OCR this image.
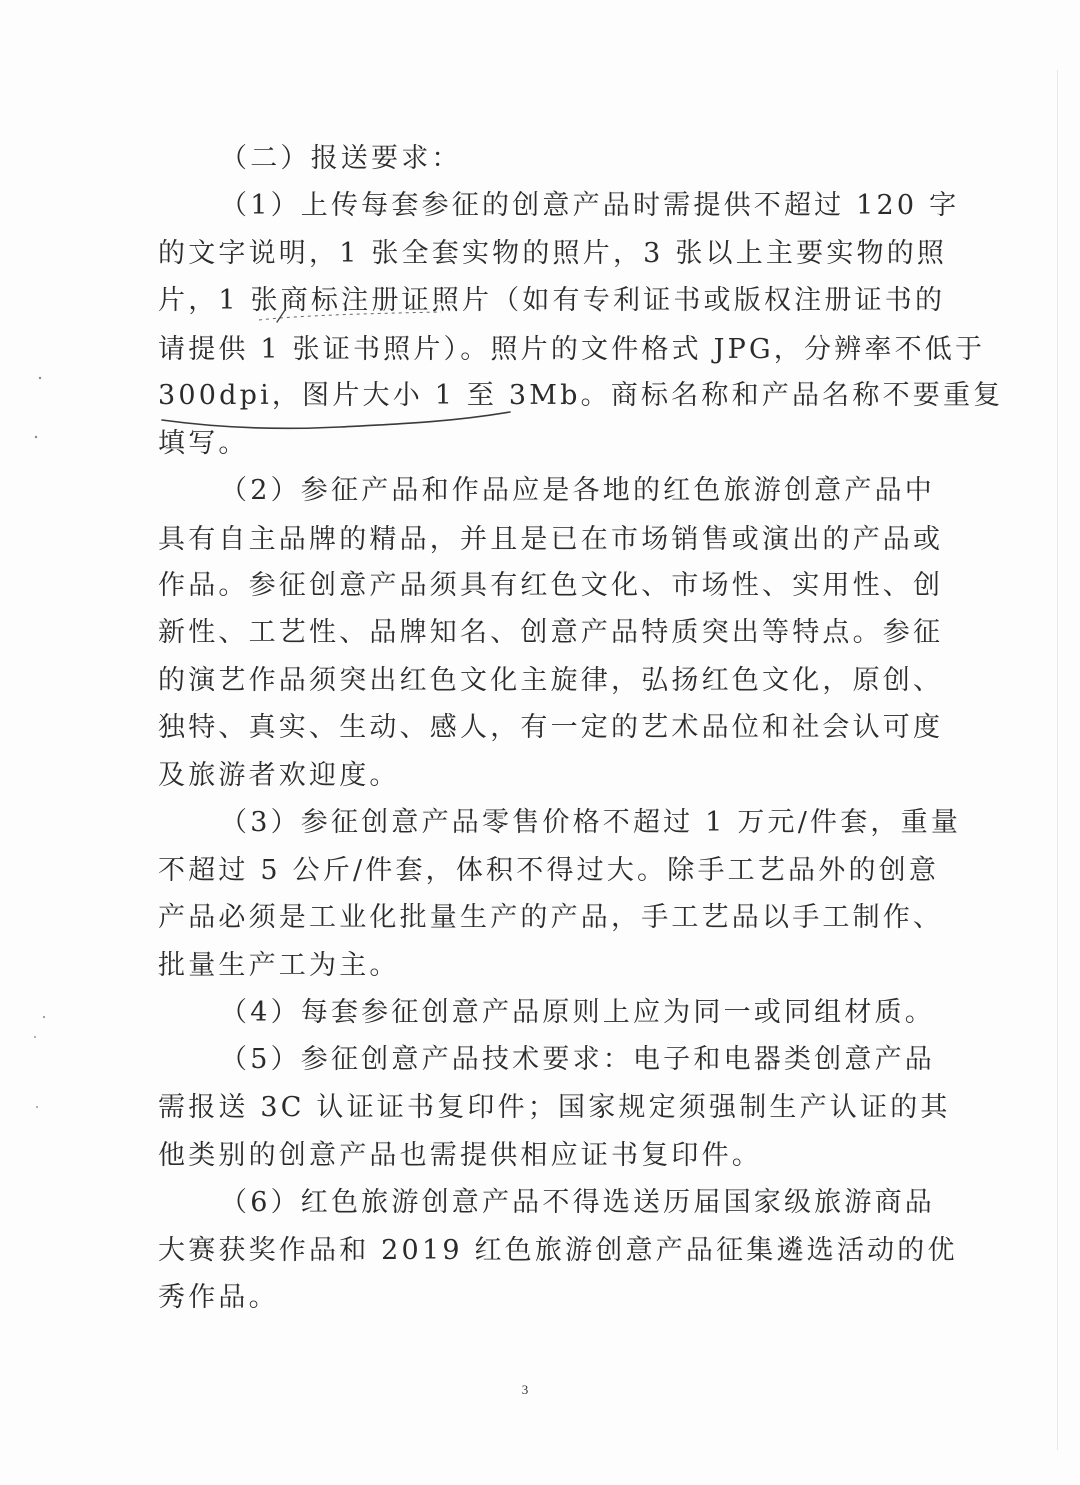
（二）报送要求：
（1）上传每套参征的创意产品时需提供不超过 120 字
的文字说明，1 张全套实物的照片，3 张以上主要实物的照
片，1 张商标注册证照片（如有专利证书或版权注册证书的
请提供 1 张证书照片）。照片的文件格式 JPG，分辨率不低于
300dpi，图片大小 1 至 3Mb。商标名称和产品名称不要重复
填写。
（2）参征产品和作品应是各地的红色旅游创意产品中
具有自主品牌的精品，并且是已在市场销售或演出的产品或
作品。参征创意产品须具有红色文化、市场性、实用性、创
新性、工艺性、品牌知名、创意产品特质突出等特点。参征
的演艺作品须突出红色文化主旋律，弘扬红色文化，原创、
独特、真实、生动、感人，有一定的艺术品位和社会认可度
及旅游者欢迎度。
（3）参征创意产品零售价格不超过 1 万元/件套，重量
不超过 5 公斤/件套，体积不得过大。除手工艺品外的创意
产品必须是工业化批量生产的产品，手工艺品以手工制作、
批量生产工为主。
（4）每套参征创意产品原则上应为同一或同组材质。
（5）参征创意产品技术要求：电子和电器类创意产品
需报送 3C 认证证书复印件；国家规定须强制生产认证的其
他类别的创意产品也需提供相应证书复印件。
（6）红色旅游创意产品不得选送历届国家级旅游商品
大赛获奖作品和 2019 红色旅游创意产品征集遴选活动的优
秀作品。
3
